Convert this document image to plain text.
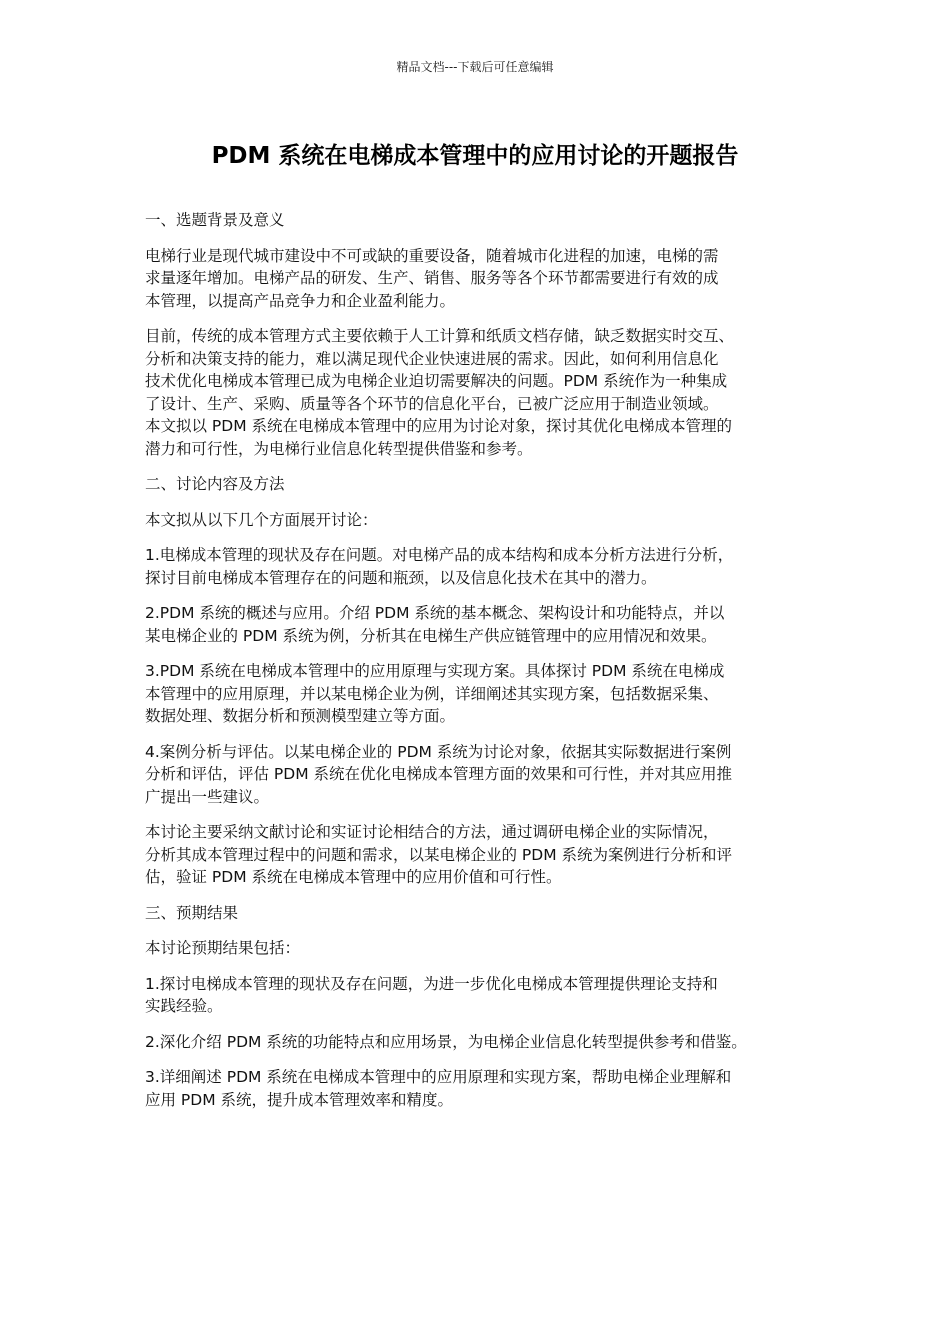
精品文档---下载后可任意编辑
PDM 系统在电梯成本管理中的应用讨论的开题报告

一、选题背景及意义

电梯行业是现代城市建设中不可或缺的重要设备，随着城市化进程的加速，电梯的需
求量逐年增加。电梯产品的研发、生产、销售、服务等各个环节都需要进行有效的成
本管理，以提高产品竞争力和企业盈利能力。

目前，传统的成本管理方式主要依赖于人工计算和纸质文档存储，缺乏数据实时交互、
分析和决策支持的能力，难以满足现代企业快速进展的需求。因此，如何利用信息化
技术优化电梯成本管理已成为电梯企业迫切需要解决的问题。PDM 系统作为一种集成
了设计、生产、采购、质量等各个环节的信息化平台，已被广泛应用于制造业领域。
本文拟以 PDM 系统在电梯成本管理中的应用为讨论对象，探讨其优化电梯成本管理的
潜力和可行性，为电梯行业信息化转型提供借鉴和参考。

二、讨论内容及方法

本文拟从以下几个方面展开讨论：

1.电梯成本管理的现状及存在问题。对电梯产品的成本结构和成本分析方法进行分析，
探讨目前电梯成本管理存在的问题和瓶颈，以及信息化技术在其中的潜力。

2.PDM 系统的概述与应用。介绍 PDM 系统的基本概念、架构设计和功能特点，并以
某电梯企业的 PDM 系统为例，分析其在电梯生产供应链管理中的应用情况和效果。

3.PDM 系统在电梯成本管理中的应用原理与实现方案。具体探讨 PDM 系统在电梯成
本管理中的应用原理，并以某电梯企业为例，详细阐述其实现方案，包括数据采集、
数据处理、数据分析和预测模型建立等方面。

4.案例分析与评估。以某电梯企业的 PDM 系统为讨论对象，依据其实际数据进行案例
分析和评估，评估 PDM 系统在优化电梯成本管理方面的效果和可行性，并对其应用推
广提出一些建议。

本讨论主要采纳文献讨论和实证讨论相结合的方法，通过调研电梯企业的实际情况，
分析其成本管理过程中的问题和需求，以某电梯企业的 PDM 系统为案例进行分析和评
估，验证 PDM 系统在电梯成本管理中的应用价值和可行性。

三、预期结果

本讨论预期结果包括：

1.探讨电梯成本管理的现状及存在问题，为进一步优化电梯成本管理提供理论支持和
实践经验。

2.深化介绍 PDM 系统的功能特点和应用场景，为电梯企业信息化转型提供参考和借鉴。

3.详细阐述 PDM 系统在电梯成本管理中的应用原理和实现方案，帮助电梯企业理解和
应用 PDM 系统，提升成本管理效率和精度。
